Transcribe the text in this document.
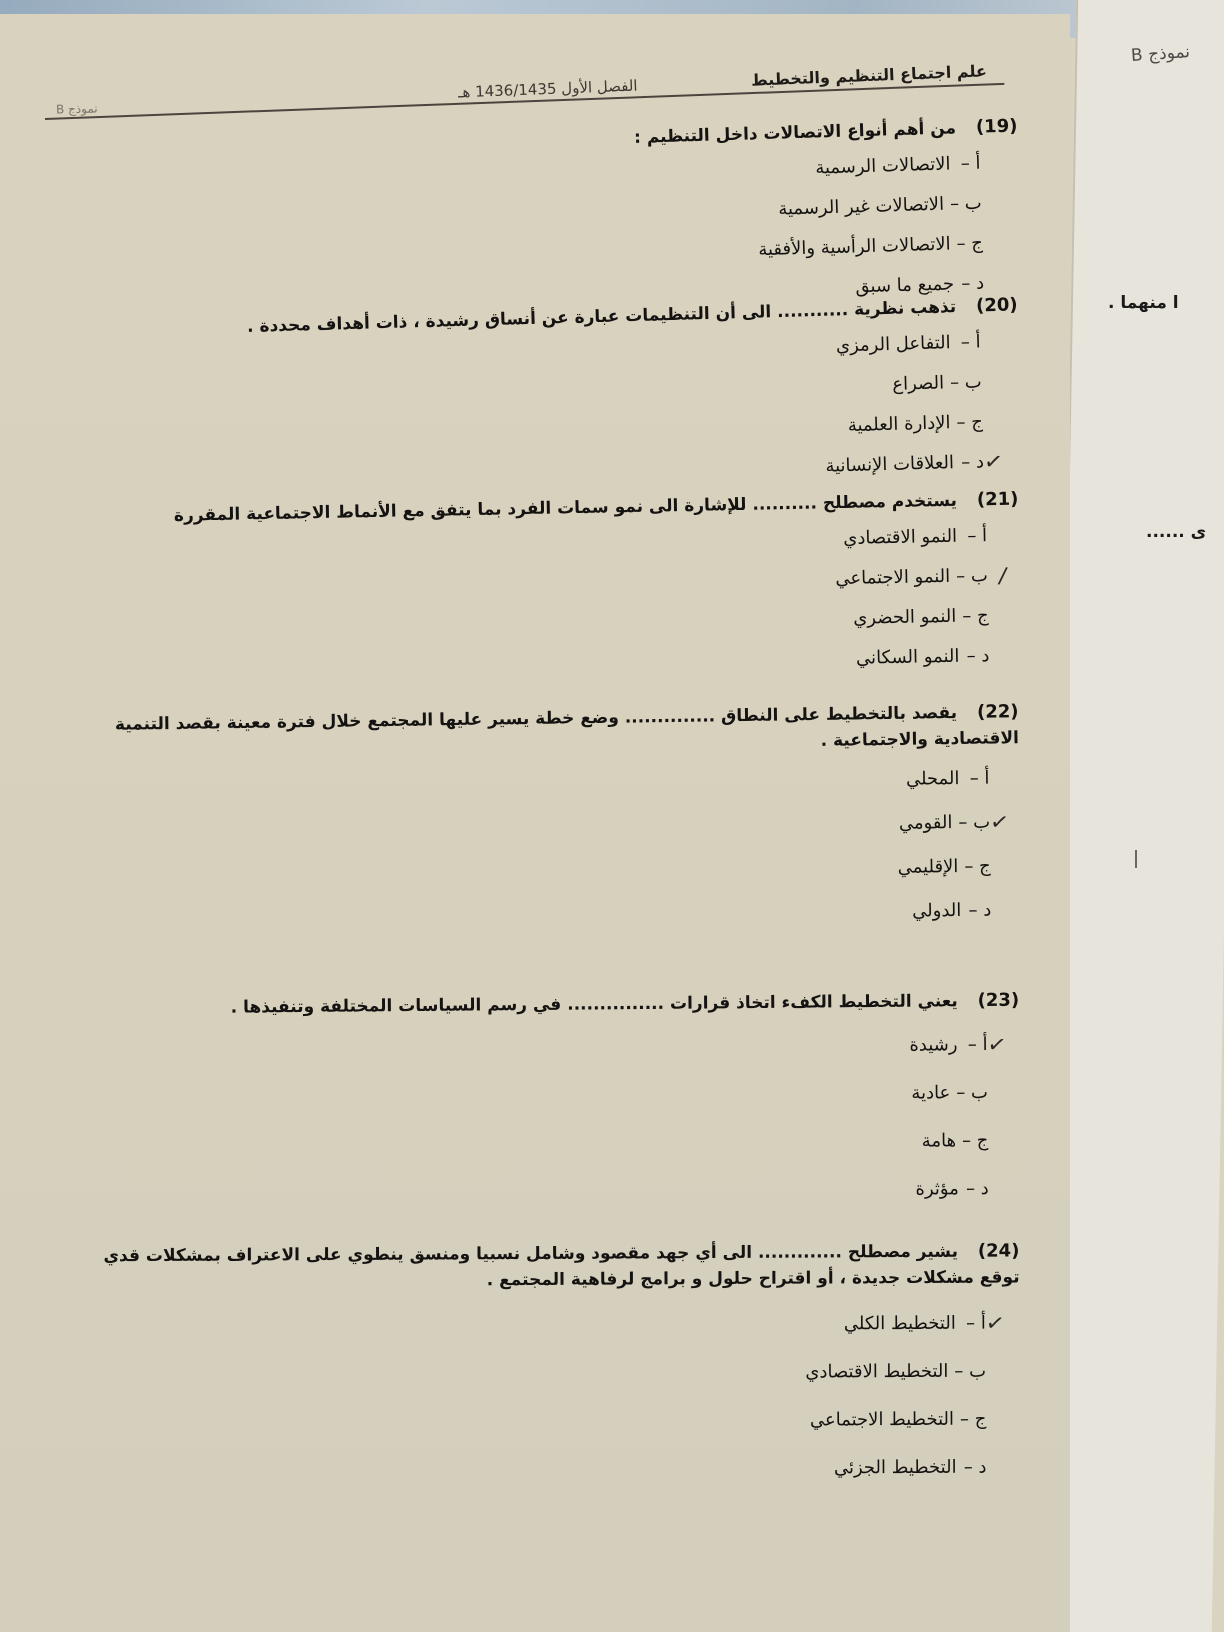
علم اجتماع التنظيم والتخطيط
الفصل الأول 1436/1435 هـ
نموذج B
نموذج B
ا منهما .
ى ......
(19) من أهم أنواع الاتصالات داخل التنظيم :
أ –الاتصالات الرسمية
ب –الاتصالات غير الرسمية
ج –الاتصالات الرأسية والأفقية
د –جميع ما سبق
(20) تذهب نظرية ........... الى أن التنظيمات عبارة عن أنساق رشيدة ، ذات أهداف محددة .
أ –التفاعل الرمزي
ب –الصراع
ج –الإدارة العلمية
د –العلاقات الإنسانية ✓
(21) يستخدم مصطلح .......... للإشارة الى نمو سمات الفرد بما يتفق مع الأنماط الاجتماعية المقررة
أ –النمو الاقتصادي
ب –النمو الاجتماعي /
ج –النمو الحضري
د –النمو السكاني
(22) يقصد بالتخطيط على النطاق .............. وضع خطة يسير عليها المجتمع خلال فترة معينة بقصد التنمية
الاقتصادية والاجتماعية .
أ –المحلي
ب –القومي ✓
ج –الإقليمي
د –الدولي
(23) يعني التخطيط الكفء اتخاذ قرارات ............... في رسم السياسات المختلفة وتنفيذها .
أ –رشيدة ✓
ب –عادية
ج –هامة
د –مؤثرة
(24) يشير مصطلح ............. الى أي جهد مقصود وشامل نسبيا ومنسق ينطوي على الاعتراف بمشكلات قدي
توقع مشكلات جديدة ، أو اقتراح حلول و برامج لرفاهية المجتمع .
أ –التخطيط الكلي ✓
ب –التخطيط الاقتصادي
ج –التخطيط الاجتماعي
د –التخطيط الجزئي
